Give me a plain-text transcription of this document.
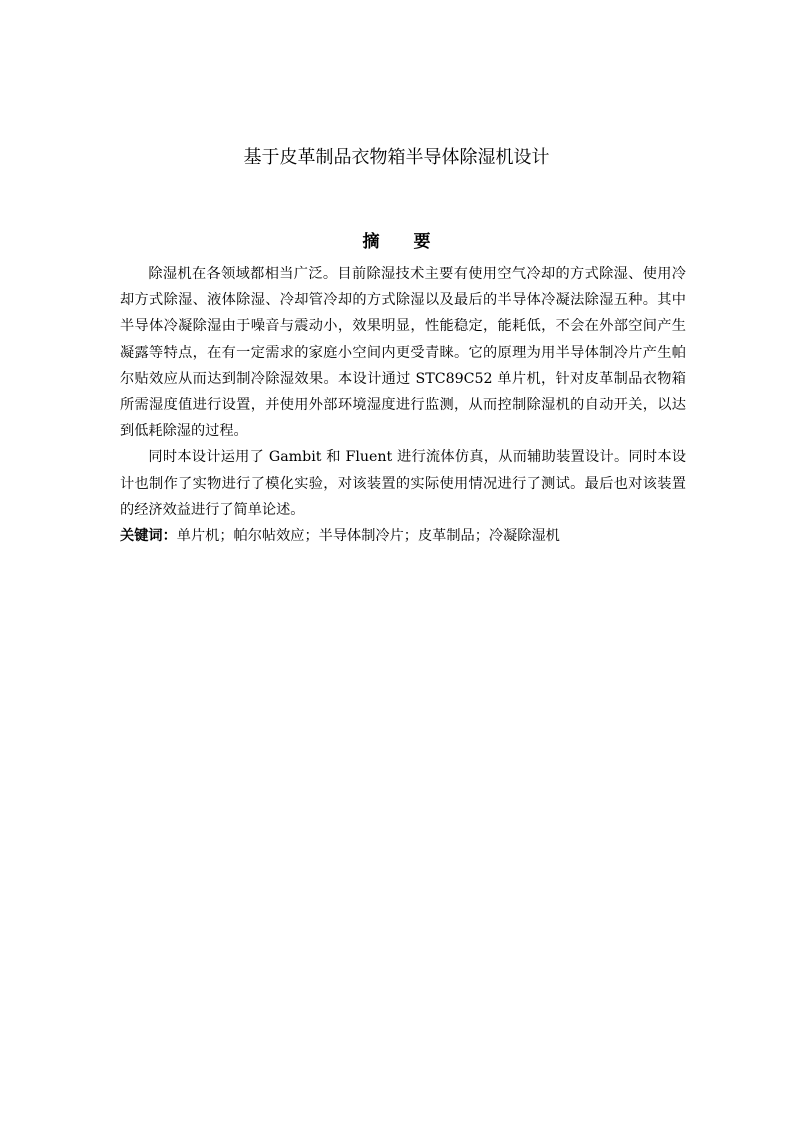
基于皮革制品衣物箱半导体除湿机设计
摘 要

除湿机在各领域都相当广泛。目前除湿技术主要有使用空气冷却的方式除湿、使用冷却方式除湿、液体除湿、冷却管冷却的方式除湿以及最后的半导体冷凝法除湿五种。其中半导体冷凝除湿由于噪音与震动小，效果明显，性能稳定，能耗低，不会在外部空间产生凝露等特点，在有一定需求的家庭小空间内更受青睐。它的原理为用半导体制冷片产生帕尔贴效应从而达到制冷除湿效果。本设计通过 STC89C52 单片机，针对皮革制品衣物箱所需湿度值进行设置，并使用外部环境湿度进行监测，从而控制除湿机的自动开关，以达到低耗除湿的过程。

同时本设计运用了 Gambit 和 Fluent 进行流体仿真，从而辅助装置设计。同时本设计也制作了实物进行了模化实验，对该装置的实际使用情况进行了测试。最后也对该装置的经济效益进行了简单论述。

关键词：单片机；帕尔帖效应；半导体制冷片；皮革制品；冷凝除湿机
